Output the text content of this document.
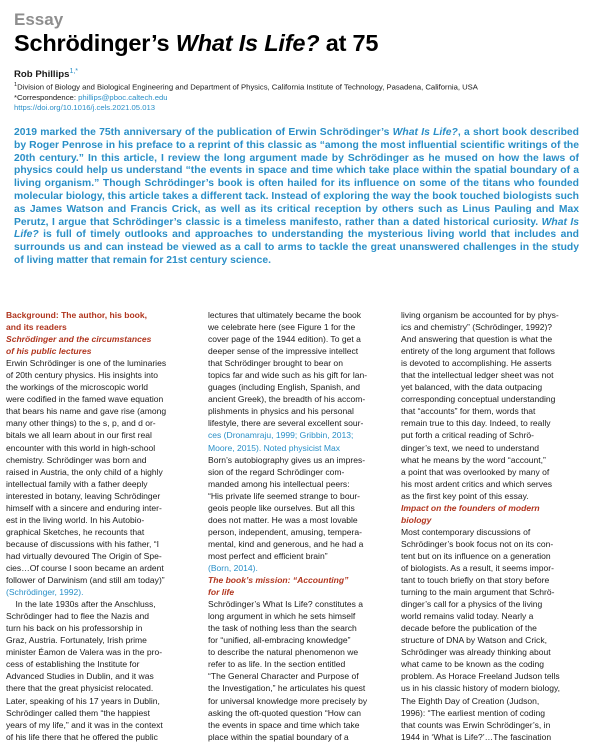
Essay
Schrödinger’s What Is Life? at 75
Rob Phillips$^{1,*}$
$^1$Division of Biology and Biological Engineering and Department of Physics, California Institute of Technology, Pasadena, California, USA
*Correspondence: phillips@pboc.caltech.edu
https://doi.org/10.1016/j.cels.2021.05.013
2019 marked the 75th anniversary of the publication of Erwin Schrödinger’s What Is Life?, a short book described by Roger Penrose in his preface to a reprint of this classic as “among the most influential scientific writings of the 20th century.” In this article, I review the long argument made by Schrödinger as he mused on how the laws of physics could help us understand “the events in space and time which take place within the spatial boundary of a living organism.” Though Schrödinger’s book is often hailed for its influence on some of the titans who founded molecular biology, this article takes a different tack. Instead of exploring the way the book touched biologists such as James Watson and Francis Crick, as well as its critical reception by others such as Linus Pauling and Max Perutz, I argue that Schrödinger’s classic is a timeless manifesto, rather than a dated historical curiosity. What Is Life? is full of timely outlooks and approaches to understanding the mysterious living world that includes and surrounds us and can instead be viewed as a call to arms to tackle the great unanswered challenges in the study of living matter that remain for 21st century science.
Background: The author, his book,
and its readers
Schrödinger and the circumstances
of his public lectures
Erwin Schrödinger is one of the luminaries
of 20th century physics. His insights into
the workings of the microscopic world
were codified in the famed wave equation
that bears his name and gave rise (among
many other things) to the s, p, and d or-
bitals we all learn about in our first real
encounter with this world in high-school
chemistry. Schrödinger was born and
raised in Austria, the only child of a highly
intellectual family with a father deeply
interested in botany, leaving Schrödinger
himself with a sincere and enduring inter-
est in the living world. In his Autobio-
graphical Sketches, he recounts that
because of discussions with his father, “I
had virtually devoured The Origin of Spe-
cies…Of course I soon became an ardent
follower of Darwinism (and still am today)”
(Schrödinger, 1992).
In the late 1930s after the Anschluss,
Schrödinger had to flee the Nazis and
turn his back on his professorship in
Graz, Austria. Fortunately, Irish prime
minister Éamon de Valera was in the pro-
cess of establishing the Institute for
Advanced Studies in Dublin, and it was
there that the great physicist relocated.
Later, speaking of his 17 years in Dublin,
Schrödinger called them “the happiest
years of my life,” and it was in the context
of his life there that he offered the public
lectures that ultimately became the book
we celebrate here (see Figure 1 for the
cover page of the 1944 edition). To get a
deeper sense of the impressive intellect
that Schrödinger brought to bear on
topics far and wide such as his gift for lan-
guages (including English, Spanish, and
ancient Greek), the breadth of his accom-
plishments in physics and his personal
lifestyle, there are several excellent sour-
ces (Dronamraju, 1999; Gribbin, 2013;
Moore, 2015). Noted physicist Max
Born’s autobiography gives us an impres-
sion of the regard Schrödinger com-
manded among his intellectual peers:
“His private life seemed strange to bour-
geois people like ourselves. But all this
does not matter. He was a most lovable
person, independent, amusing, tempera-
mental, kind and generous, and he had a
most perfect and efficient brain”
(Born, 2014).
The book’s mission: “Accounting”
for life
Schrödinger’s What Is Life? constitutes a
long argument in which he sets himself
the task of nothing less than the search
for “unified, all-embracing knowledge”
to describe the natural phenomenon we
refer to as life. In the section entitled
“The General Character and Purpose of
the Investigation,” he articulates his quest
for universal knowledge more precisely by
asking the oft-quoted question “How can
the events in space and time which take
place within the spatial boundary of a
living organism be accounted for by phys-
ics and chemistry” (Schrödinger, 1992)?
And answering that question is what the
entirety of the long argument that follows
is devoted to accomplishing. He asserts
that the intellectual ledger sheet was not
yet balanced, with the data outpacing
corresponding conceptual understanding
that “accounts” for them, words that
remain true to this day. Indeed, to really
put forth a critical reading of Schrö-
dinger’s text, we need to understand
what he means by the word “account,”
a point that was overlooked by many of
his most ardent critics and which serves
as the first key point of this essay.
Impact on the founders of modern
biology
Most contemporary discussions of
Schrödinger’s book focus not on its con-
tent but on its influence on a generation
of biologists. As a result, it seems impor-
tant to touch briefly on that story before
turning to the main argument that Schrö-
dinger’s call for a physics of the living
world remains valid today. Nearly a
decade before the publication of the
structure of DNA by Watson and Crick,
Schrödinger was already thinking about
what came to be known as the coding
problem. As Horace Freeland Judson tells
us in his classic history of modern biology,
The Eighth Day of Creation (Judson,
1996): “The earliest mention of coding
that counts was Erwin Schrödinger’s, in
1944 in ‘What is Life?’…The fascination
